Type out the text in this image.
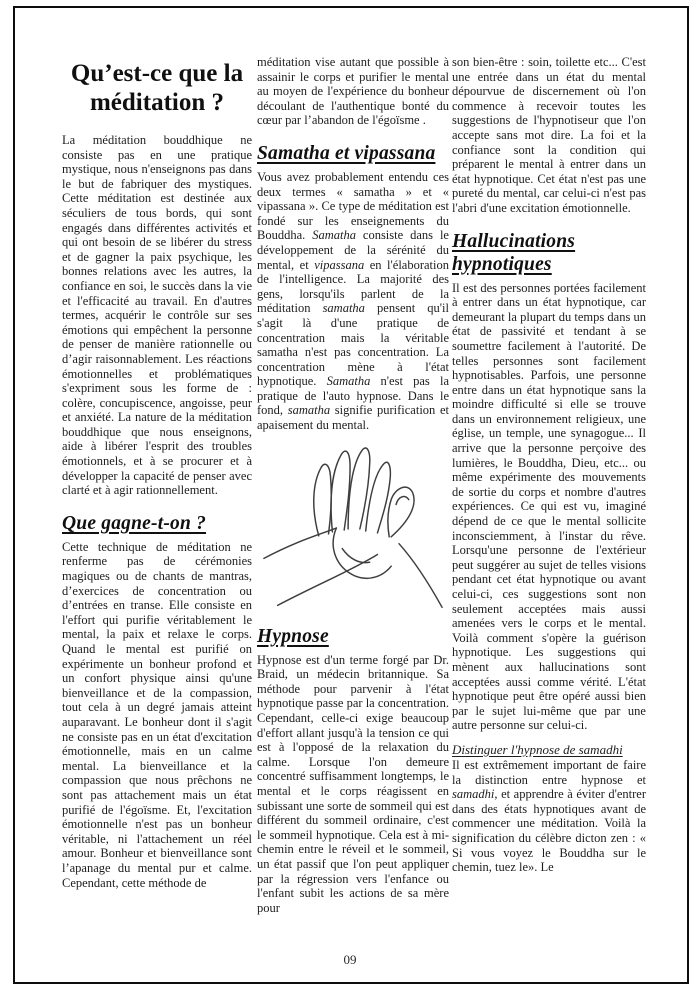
Qu’est-ce que la méditation ?

La méditation bouddhique ne consiste pas en une pratique mystique, nous n'enseignons pas dans le but de fabriquer des mystiques. Cette méditation est destinée aux séculiers de tous bords, qui sont engagés dans différentes activités et qui ont besoin de se libérer du stress et de gagner la paix psychique, les bonnes relations avec les autres, la confiance en soi, le succès dans la vie et l'efficacité au travail. En d'autres termes, acquérir le contrôle sur ses émotions qui empêchent la personne de penser de manière rationnelle ou d’agir raisonnablement. Les réactions émotionnelles et problématiques s'expriment sous les forme de : colère, concupiscence, angoisse, peur et anxiété. La nature de la méditation bouddhique que nous enseignons, aide à libérer l'esprit des troubles émotionnels, et à se procurer et à développer la capacité de penser avec clarté et à agir rationnellement.

Que gagne-t-on ?

Cette technique de méditation ne renferme pas de cérémonies magiques ou de chants de mantras, d’exercices de concentration ou d’entrées en transe. Elle consiste en l'effort qui purifie véritablement le mental, la paix et relaxe le corps. Quand le mental est purifié on expérimente un bonheur profond et un confort physique ainsi qu'une bienveillance et de la compassion, tout cela à un degré jamais atteint auparavant. Le bonheur dont il s'agit ne consiste pas en un état d'excitation émotionnelle, mais en un calme mental. La bienveillance et la compassion que nous prêchons ne sont pas attachement mais un état purifié de l'égoïsme. Et, l'excitation émotionnelle n'est pas un bonheur véritable, ni l'attachement un réel amour. Bonheur et bienveillance sont l’apanage du mental pur et calme. Cependant, cette méthode de

méditation vise autant que possible à assainir le corps et purifier le mental au moyen de l'expérience du bonheur découlant de l'authentique bonté du cœur par l’abandon de l'égoïsme .

Samatha et vipassana

Vous avez probablement entendu ces deux termes « samatha » et « vipassana ». Ce type de méditation est fondé sur les enseignements du Bouddha. Samatha consiste dans le développement de la sérénité du mental, et vipassana en l'élaboration de l'intelligence. La majorité des gens, lorsqu'ils parlent de la méditation samatha pensent qu'il s'agit là d'une pratique de concentration mais la véritable samatha n'est pas concentration. La concentration mène à l'état hypnotique. Samatha n'est pas la pratique de l'auto hypnose. Dans le fond, samatha signifie purification et apaisement du mental.

Hypnose

Hypnose est d'un terme forgé par Dr. Braid, un médecin britannique. Sa méthode pour parvenir à l'état hypnotique passe par la concentration. Cependant, celle-ci exige beaucoup d'effort allant jusqu'à la tension ce qui est à l'opposé de la relaxation du calme. Lorsque l'on demeure concentré suffisamment longtemps, le mental et le corps réagissent en subissant une sorte de sommeil qui est différent du sommeil ordinaire, c'est le sommeil hypnotique. Cela est à mi-chemin entre le réveil et le sommeil, un état passif que l'on peut appliquer par la régression vers l'enfance ou l'enfant subit les actions de sa mère pour

son bien-être : soin, toilette etc... C'est une entrée dans un état du mental dépourvue de discernement où l'on commence à recevoir toutes les suggestions de l'hypnotiseur que l'on accepte sans mot dire. La foi et la confiance sont la condition qui préparent le mental à entrer dans un état hypnotique. Cet état n'est pas une pureté du mental, car celui-ci n'est pas l'abri d'une excitation émotionnelle.

Hallucinations hypnotiques

Il est des personnes portées facilement à entrer dans un état hypnotique, car demeurant la plupart du temps dans un état de passivité et tendant à se soumettre facilement à l'autorité. De telles personnes sont facilement hypnotisables. Parfois, une personne entre dans un état hypnotique sans la moindre difficulté si elle se trouve dans un environnement religieux, une église, un temple, une synagogue... Il arrive que la personne perçoive des lumières, le Bouddha, Dieu, etc... ou même expérimente des mouvements de sortie du corps et nombre d'autres expériences. Ce qui est vu, imaginé dépend de ce que le mental sollicite inconsciemment, à l'instar du rêve. Lorsqu'une personne de l'extérieur peut suggérer au sujet de telles visions pendant cet état hypnotique ou avant celui-ci, ces suggestions sont non seulement acceptées mais aussi amenées vers le corps et le mental. Voilà comment s'opère la guérison hypnotique. Les suggestions qui mènent aux hallucinations sont acceptées aussi comme vérité. L'état hypnotique peut être opéré aussi bien par le sujet lui-même que par une autre personne sur celui-ci.

Distinguer l'hypnose de samadhi

Il est extrêmement important de faire la distinction entre hypnose et samadhi, et apprendre à éviter d'entrer dans des états hypnotiques avant de commencer une méditation. Voilà la signification du célèbre dicton zen : « Si vous voyez le Bouddha sur le chemin, tuez le». Le

09
